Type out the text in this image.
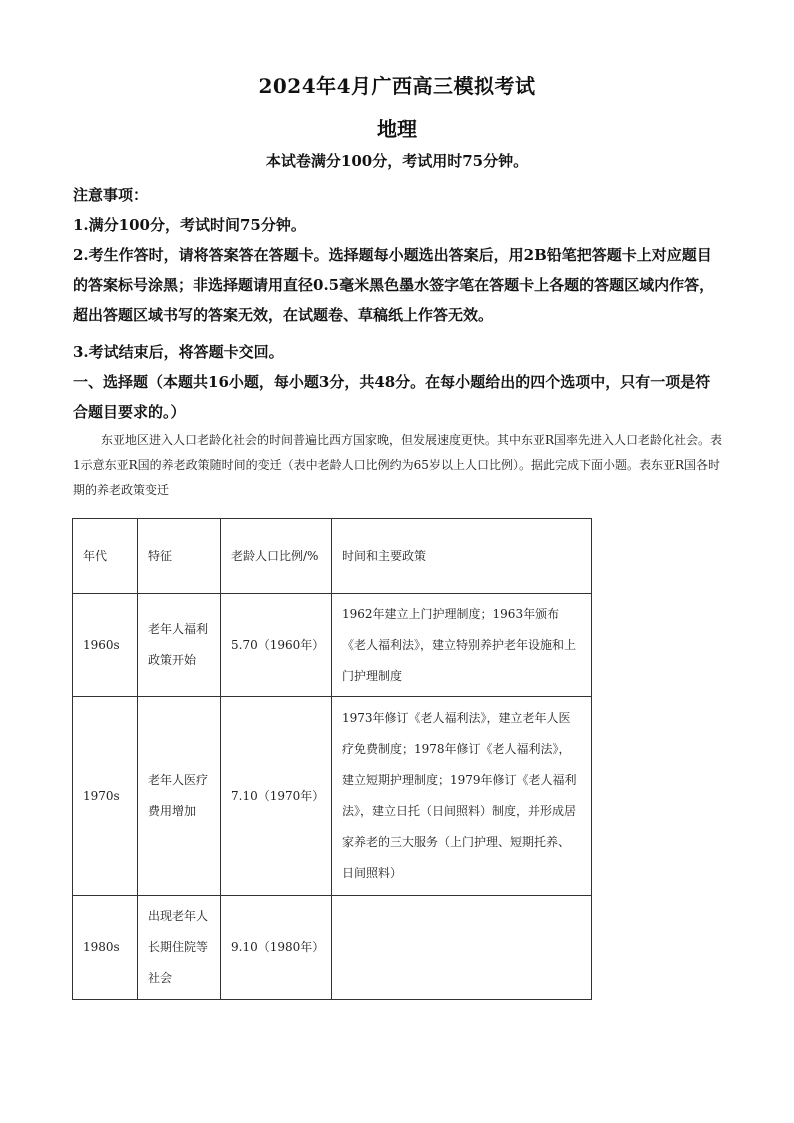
2024年4月广西高三模拟考试
地理
本试卷满分100分，考试用时75分钟。
注意事项：
1.满分100分，考试时间75分钟。
2.考生作答时，请将答案答在答题卡。选择题每小题选出答案后，用2B铅笔把答题卡上对应题目的答案标号涂黑；非选择题请用直径0.5毫米黑色墨水签字笔在答题卡上各题的答题区域内作答，超出答题区域书写的答案无效，在试题卷、草稿纸上作答无效。
3.考试结束后，将答题卡交回。
一、选择题（本题共16小题，每小题3分，共48分。在每小题给出的四个选项中，只有一项是符合题目要求的。）
东亚地区进入人口老龄化社会的时间普遍比西方国家晚，但发展速度更快。其中东亚R国率先进入人口老龄化社会。表1示意东亚R国的养老政策随时间的变迁（表中老龄人口比例约为65岁以上人口比例）。据此完成下面小题。表东亚R国各时期的养老政策变迁
年代	特征	老龄人口比例/%	时间和主要政策
1960s	老年人福利政策开始	5.70（1960年）	1962年建立上门护理制度；1963年颁布《老人福利法》，建立特别养护老年设施和上门护理制度
1970s	老年人医疗费用增加	7.10（1970年）	1973年修订《老人福利法》，建立老年人医疗免费制度；1978年修订《老人福利法》，建立短期护理制度；1979年修订《老人福利法》，建立日托（日间照料）制度，并形成居家养老的三大服务（上门护理、短期托养、日间照料）
1980s	出现老年人长期住院等社会	9.10（1980年）	
